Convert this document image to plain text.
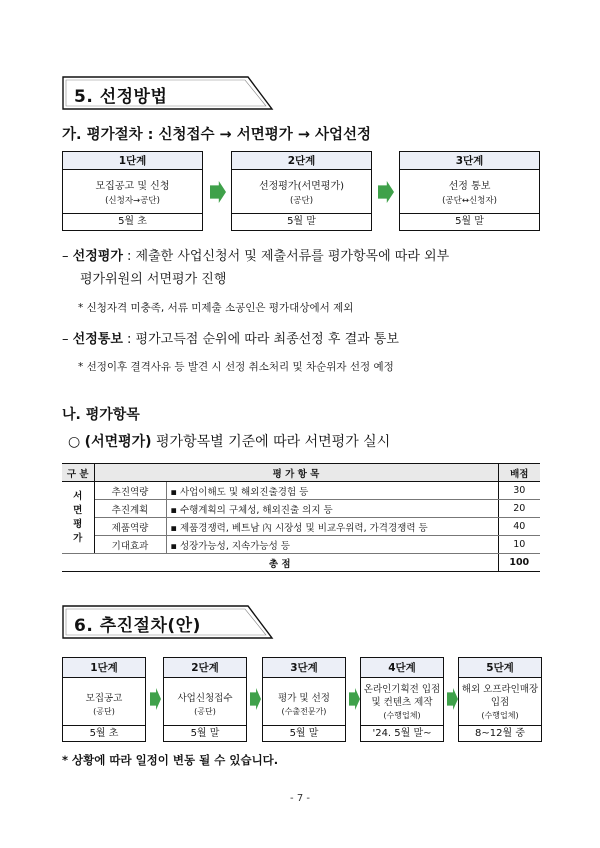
5. 선정방법
가. 평가절차 : 신청접수 → 서면평가 → 사업선정
1단계
모집공고 및 신청
(신청자→공단)
5월 초
2단계
선정평가(서면평가)
(공단)
5월 말
3단계
선정 통보
(공단↔신청자)
5월 말
– 선정평가 : 제출한 사업신청서 및 제출서류를 평가항목에 따라 외부
평가위원의 서면평가 진행
* 신청자격 미충족, 서류 미제출 소공인은 평가대상에서 제외
– 선정통보 : 평가고득점 순위에 따라 최종선정 후 결과 통보
* 선정이후 결격사유 등 발견 시 선정 취소처리 및 차순위자 선정 예정
나. 평가항목
○ (서면평가) 평가항목별 기준에 따라 서면평가 실시
구 분	평 가 항 목		배점

서
면
평
가	추진역량	▪ 사업이해도 및 해외진출경험 등	30
	추진계획	▪ 수행계획의 구체성, 해외진출 의지 등	20
	제품역량	▪ 제품경쟁력, 베트남 內 시장성 및 비교우위력, 가격경쟁력 등	40
	기대효과	▪ 성장가능성, 지속가능성 등	10
총 점			100
6. 추진절차(안)
1단계
모집공고
(공단)
5월 초
2단계
사업신청접수
(공단)
5월 말
3단계
평가 및 선정
(수출전문가)
5월 말
4단계
온라인기획전 입점
및 컨텐츠 제작
(수행업체)
'24. 5월 말~
5단계
해외 오프라인매장
입점
(수행업체)
8~12월 중
* 상황에 따라 일정이 변동 될 수 있습니다.
- 7 -
